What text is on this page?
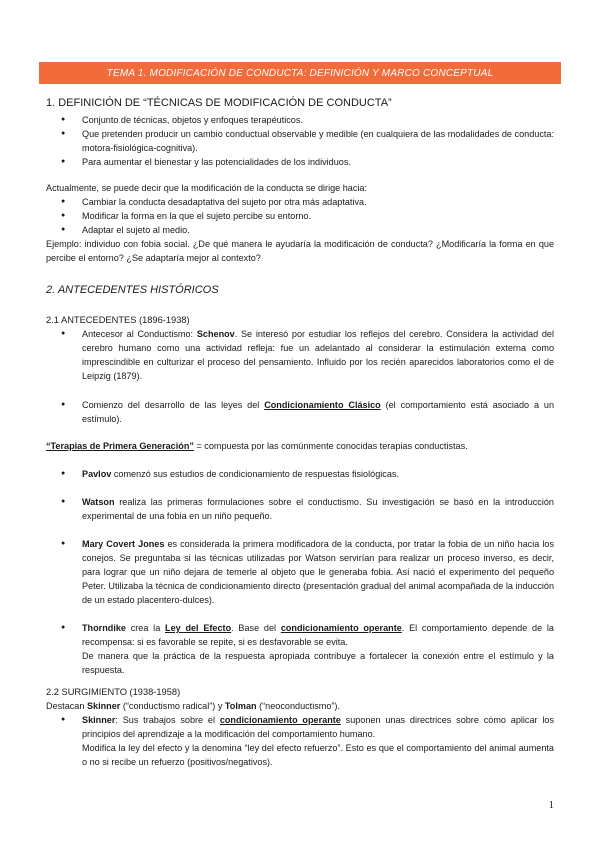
TEMA 1. MODIFICACIÓN DE CONDUCTA: DEFINICIÓN Y MARCO CONCEPTUAL
1. DEFINICIÓN DE “TÉCNICAS DE MODIFICACIÓN DE CONDUCTA”
● Conjunto de técnicas, objetos y enfoques terapéuticos.
● Que pretenden producir un cambio conductual observable y medible (en cualquiera de las modalidades de conducta: motora-fisiológica-cognitiva).
● Para aumentar el bienestar y las potencialidades de los individuos.

Actualmente, se puede decir que la modificación de la conducta se dirige hacia:

● Cambiar la conducta desadaptativa del sujeto por otra más adaptativa.
● Modificar la forma en la que el sujeto percibe su entorno.
● Adaptar el sujeto al medio.

Ejemplo: individuo con fobia social. ¿De qué manera le ayudaría la modificación de conducta? ¿Modificaría la forma en que percibe el entorno? ¿Se adaptaría mejor al contexto?

2. ANTECEDENTES HISTÓRICOS
2.1 ANTECEDENTES (1896-1938)
● Antecesor al Conductismo: Schenov. Se interesó por estudiar los reflejos del cerebro. Considera la actividad del cerebro humano como una actividad refleja: fue un adelantado al considerar la estimulación externa como imprescindible en culturizar el proceso del pensamiento. Influido por los recién aparecidos laboratorios como el de Leipzig (1879).
● Comienzo del desarrollo de las leyes del Condicionamiento Clásico (el comportamiento está asociado a un estímulo).

“Terapias de Primera Generación” = compuesta por las comúnmente conocidas terapias conductistas.

● Pavlov comenzó sus estudios de condicionamiento de respuestas fisiológicas.
● Watson realiza las primeras formulaciones sobre el conductismo. Su investigación se basó en la introducción experimental de una fobia en un niño pequeño.
● Mary Covert Jones es considerada la primera modificadora de la conducta, por tratar la fobia de un niño hacia los conejos. Se preguntaba si las técnicas utilizadas por Watson servirían para realizar un proceso inverso, es decir, para lograr que un niño dejara de temerle al objeto que le generaba fobia. Así nació el experimento del pequeño Peter. Utilizaba la técnica de condicionamiento directo (presentación gradual del animal acompañada de la inducción de un estado placentero-dulces).
● Thorndike crea la Ley del Efecto. Base del condicionamiento operante. El comportamiento depende de la recompensa: si es favorable se repite, si es desfavorable se evita.
De manera que la práctica de la respuesta apropiada contribuye a fortalecer la conexión entre el estímulo y la respuesta.
2.2 SURGIMIENTO (1938-1958)

Destacan Skinner (“conductismo radical”) y Tolman (“neoconductismo”).

● Skinner: Sus trabajos sobre el condicionamiento operante suponen unas directrices sobre cómo aplicar los principios del aprendizaje a la modificación del comportamiento humano.
Modifica la ley del efecto y la denomina “ley del efecto refuerzo”. Esto es que el comportamiento del animal aumenta o no si recibe un refuerzo (positivos/negativos).
1
